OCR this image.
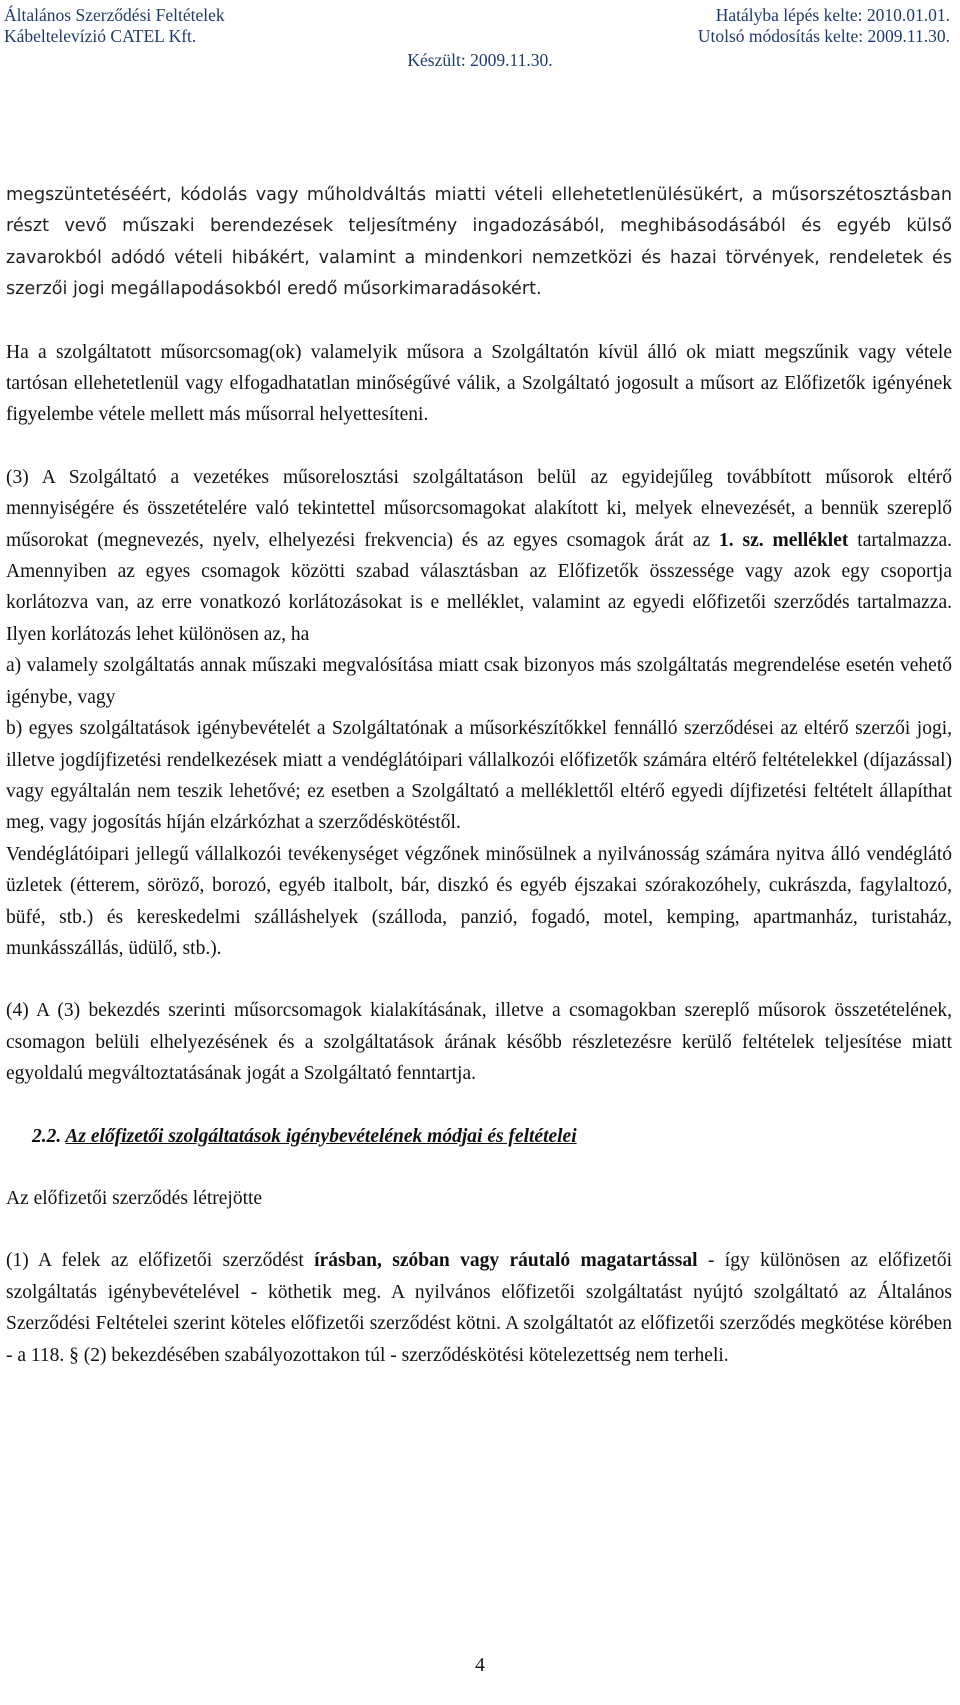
Általános Szerződési Feltételek
Kábeltelevízió CATEL Kft.
Hatályba lépés kelte: 2010.01.01.
Utolsó módosítás kelte: 2009.11.30.
Készült: 2009.11.30.

megszüntetéséért, kódolás vagy műholdváltás miatti vételi ellehetetlenülésükért, a műsorszétosztásban részt vevő műszaki berendezések teljesítmény ingadozásából, meghibásodásából és egyéb külső zavarokból adódó vételi hibákért, valamint a mindenkori nemzetközi és hazai törvények, rendeletek és szerzői jogi megállapodásokból eredő műsorkimaradásokért.

Ha a szolgáltatott műsorcsomag(ok) valamelyik műsora a Szolgáltatón kívül álló ok miatt megszűnik vagy vétele tartósan ellehetetlenül vagy elfogadhatatlan minőségűvé válik, a Szolgáltató jogosult a műsort az Előfizetők igényének figyelembe vétele mellett más műsorral helyettesíteni.

(3) A Szolgáltató a vezetékes műsorelosztási szolgáltatáson belül az egyidejűleg továbbított műsorok eltérő mennyiségére és összetételére való tekintettel műsorcsomagokat alakított ki, melyek elnevezését, a bennük szereplő műsorokat (megnevezés, nyelv, elhelyezési frekvencia) és az egyes csomagok árát az 1. sz. melléklet tartalmazza. Amennyiben az egyes csomagok közötti szabad választásban az Előfizetők összessége vagy azok egy csoportja korlátozva van, az erre vonatkozó korlátozásokat is e melléklet, valamint az egyedi előfizetői szerződés tartalmazza. Ilyen korlátozás lehet különösen az, ha

a) valamely szolgáltatás annak műszaki megvalósítása miatt csak bizonyos más szolgáltatás megrendelése esetén vehető igénybe, vagy

b) egyes szolgáltatások igénybevételét a Szolgáltatónak a műsorkészítőkkel fennálló szerződései az eltérő szerzői jogi, illetve jogdíjfizetési rendelkezések miatt a vendéglátóipari vállalkozói előfizetők számára eltérő feltételekkel (díjazással) vagy egyáltalán nem teszik lehetővé; ez esetben a Szolgáltató a melléklettől eltérő egyedi díjfizetési feltételt állapíthat meg, vagy jogosítás híján elzárkózhat a szerződéskötéstől.

Vendéglátóipari jellegű vállalkozói tevékenységet végzőnek minősülnek a nyilvánosság számára nyitva álló vendéglátó üzletek (étterem, söröző, borozó, egyéb italbolt, bár, diszkó és egyéb éjszakai szórakozóhely, cukrászda, fagylaltozó, büfé, stb.) és kereskedelmi szálláshelyek (szálloda, panzió, fogadó, motel, kemping, apartmanház, turistaház, munkásszállás, üdülő, stb.).

(4) A (3) bekezdés szerinti műsorcsomagok kialakításának, illetve a csomagokban szereplő műsorok összetételének, csomagon belüli elhelyezésének és a szolgáltatások árának később részletezésre kerülő feltételek teljesítése miatt egyoldalú megváltoztatásának jogát a Szolgáltató fenntartja.

2.2. Az előfizetői szolgáltatások igénybevételének módjai és feltételei

Az előfizetői szerződés létrejötte

(1) A felek az előfizetői szerződést írásban, szóban vagy ráutaló magatartással - így különösen az előfizetői szolgáltatás igénybevételével - köthetik meg. A nyilvános előfizetői szolgáltatást nyújtó szolgáltató az Általános Szerződési Feltételei szerint köteles előfizetői szerződést kötni. A szolgáltatót az előfizetői szerződés megkötése körében - a 118. § (2) bekezdésében szabályozottakon túl - szerződéskötési kötelezettség nem terheli.

4
